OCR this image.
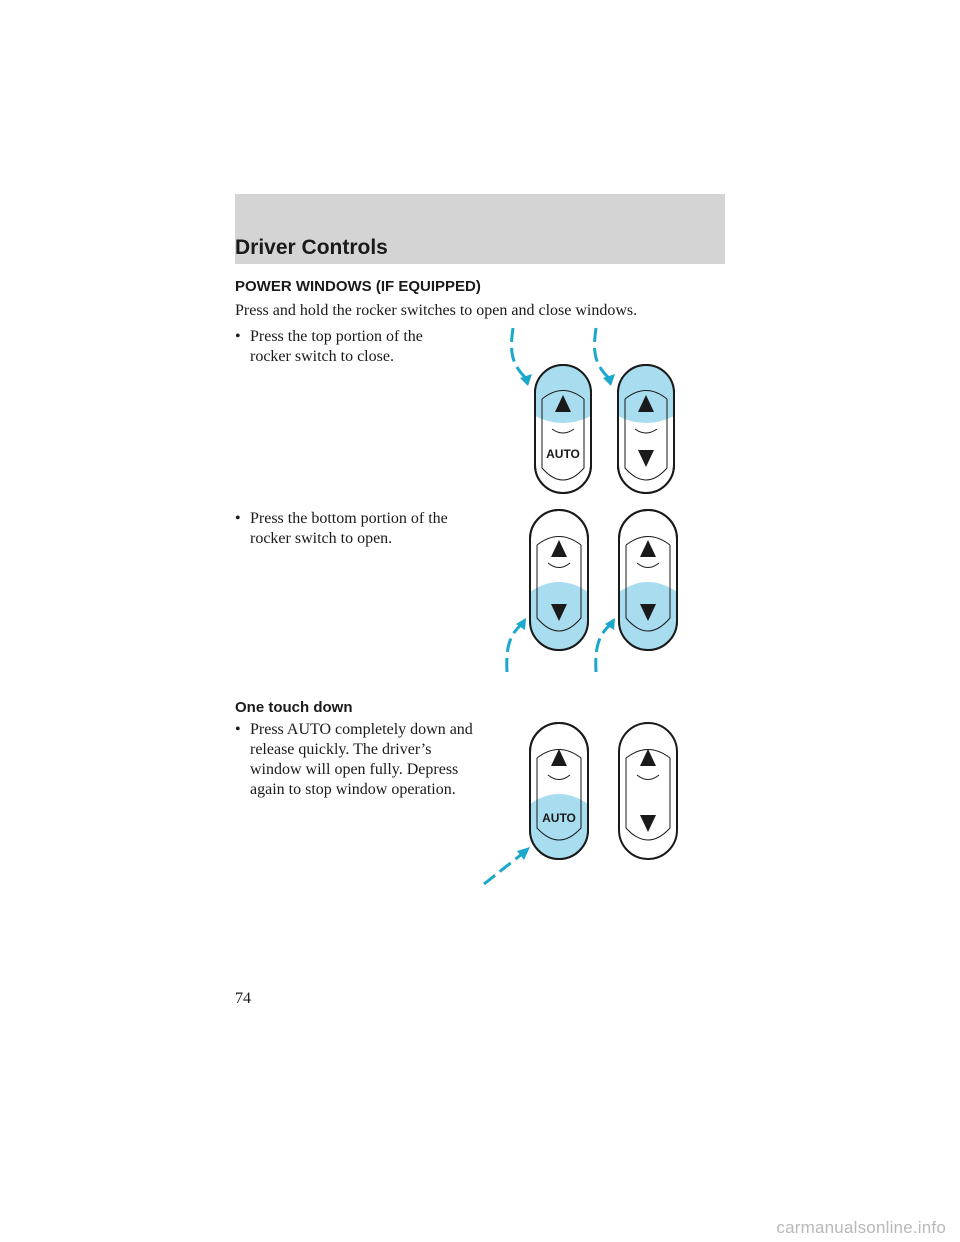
Driver Controls
POWER WINDOWS (IF EQUIPPED)
Press and hold the rocker switches to open and close windows.
• Press the top portion of the
rocker switch to close.
AUTO
• Press the bottom portion of the
rocker switch to open.
One touch down
• Press AUTO completely down and
release quickly. The driver’s
window will open fully. Depress
again to stop window operation.
AUTO
74
carmanualsonline.info
